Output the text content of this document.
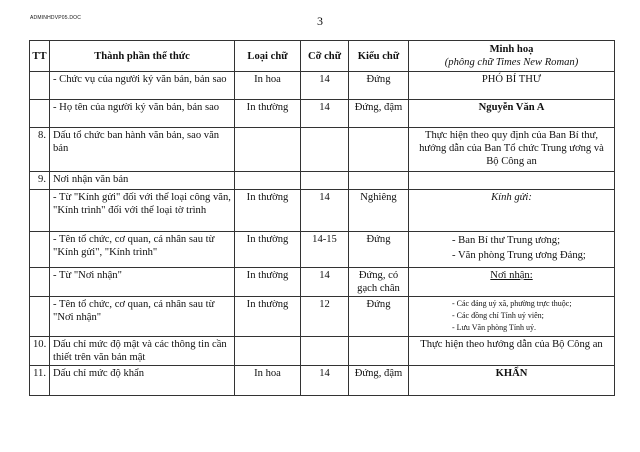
ADMINHDVP05.DOC	3
TT	Thành phần thể thức	Loại chữ	Cỡ chữ	Kiểu chữ	Minh hoạ
(phông chữ Times New Roman)

	- Chức vụ của người ký văn bản, bản sao	In hoa	14	Đứng	PHÓ BÍ THƯ
	- Họ tên của người ký văn bản, bản sao	In thường	14	Đứng, đậm	Nguyễn Văn A
8.	Dấu tổ chức ban hành văn bản, sao văn bản				Thực hiện theo quy định của Ban Bí thư, hướng dẫn của Ban Tổ chức Trung ương và Bộ Công an
9.	Nơi nhận văn bản				
	- Từ "Kính gửi" đối với thể loại công văn, "Kính trình" đối với thể loại tờ trình	In thường	14	Nghiêng	Kính gửi:
	- Tên tổ chức, cơ quan, cá nhân sau từ "Kính gửi", "Kính trình"	In thường	14-15	Đứng	- Ban Bí thư Trung ương;
- Văn phòng Trung ương Đảng;

	- Từ "Nơi nhận"	In thường	14	Đứng, có gạch chân	Nơi nhận:
	- Tên tổ chức, cơ quan, cá nhân sau từ "Nơi nhận"	In thường	12	Đứng	- Các đảng uỷ xã, phường trực thuộc;
- Các đồng chí Tỉnh uỷ viên;
- Lưu Văn phòng Tỉnh uỷ.

10.	Dấu chỉ mức độ mật và các thông tin cần thiết trên văn bản mật				Thực hiện theo hướng dẫn của Bộ Công an
11.	Dấu chỉ mức độ khẩn	In hoa	14	Đứng, đậm	KHẨN
